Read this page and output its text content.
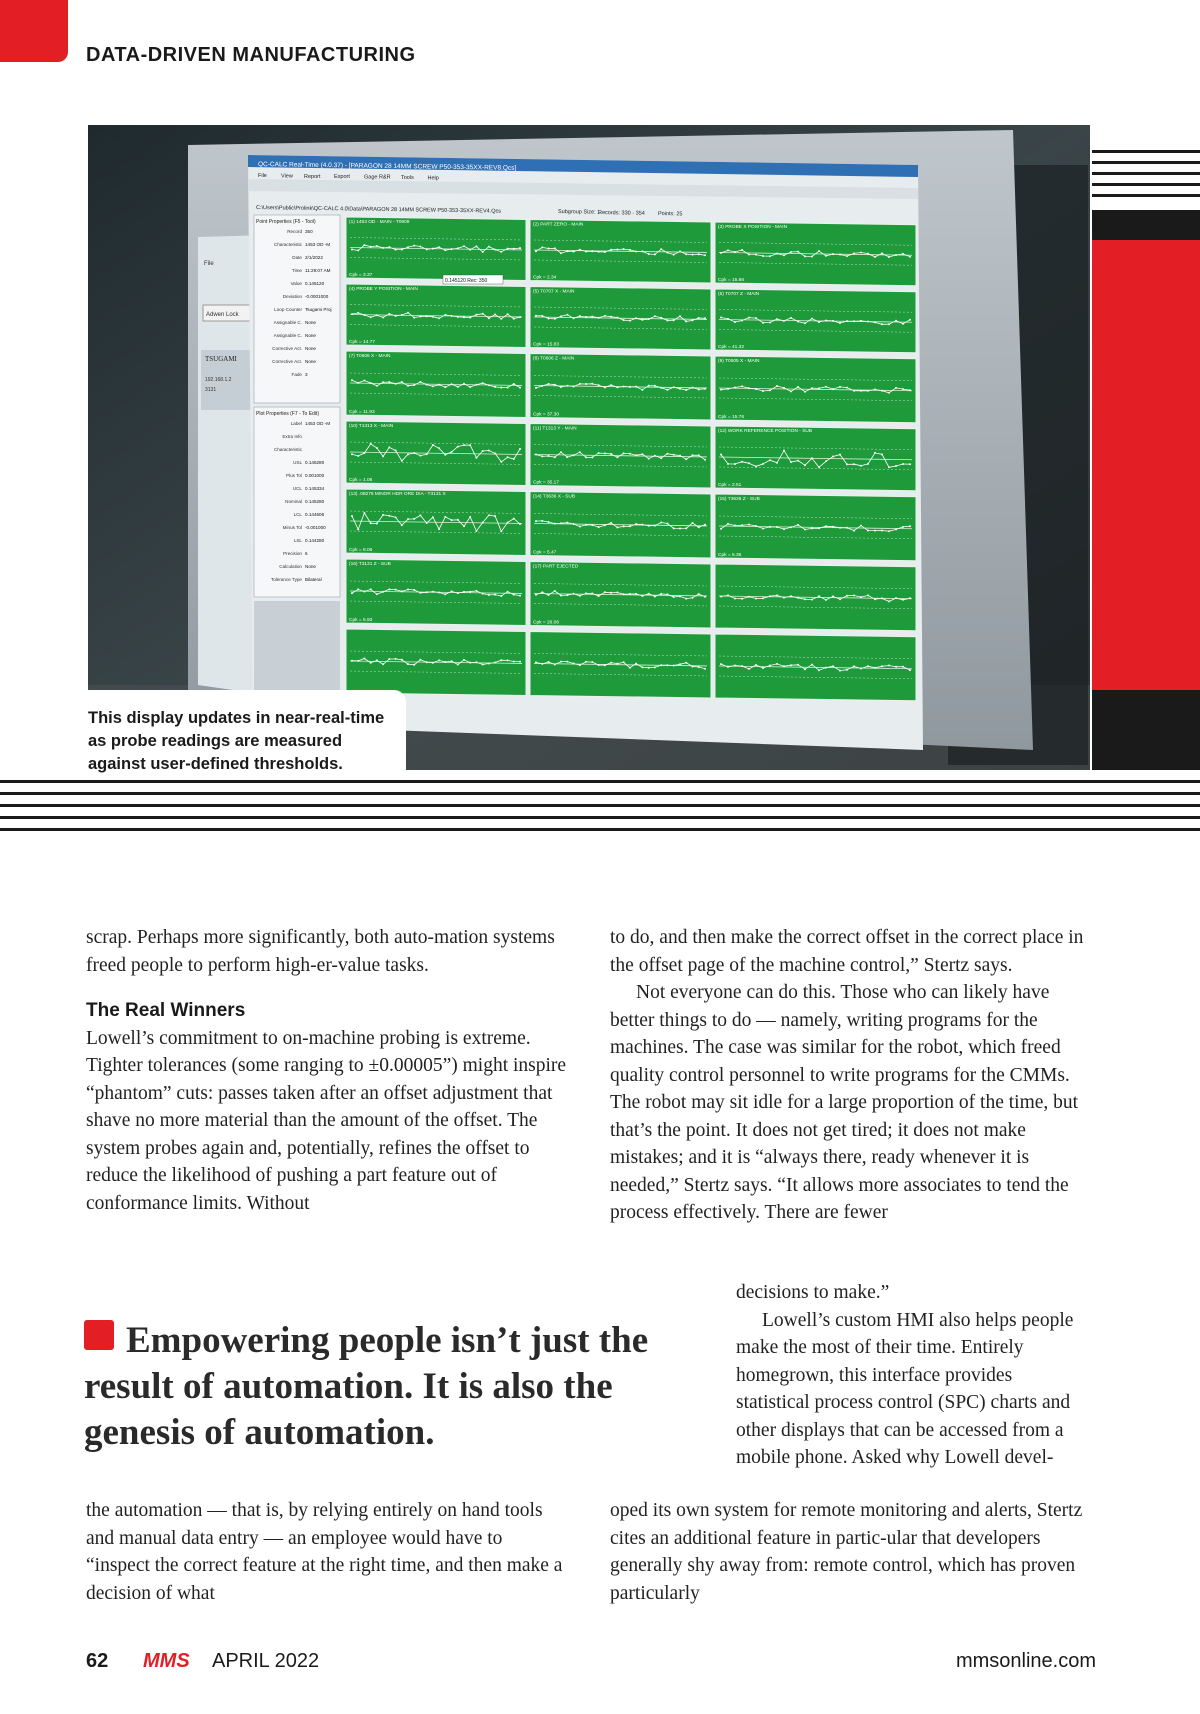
DATA-DRIVEN MANUFACTURING
File
Adwen Lock
TSUGAMI
192.168.1.2
3131
QC-CALC Real-Time (4.0.37) - [PARAGON 28 14MM SCREW P50-353-35XX-REV8.Qcs]
File	View Report Export	Gage R&R Tools Help
C:\Users\Public\Prolink\QC-CALC 4.0\Data\PARAGON 28 14MM SCREW P50-353-35XX-REV4.Qcs	Subgroup Size: 1
Records: 330 - 354 Points: 25
Point Properties (F5 - Tool)
Record 350
Characteristic 1453 OD -M
Date 2/1/2022
Time 11:29:07 AM
Value 0.145120
Deviation -0.0001000
Loop Counter Tsugami Proj
Assignable C. None
Assignable C. None
Corrective Act. None
Corrective Act. None
Fade 3
Plot Properties (F7 - To Edit)
Label 1453 OD -M
Extra Info
Characteristic
USL 0.146280
Plus Tol 0.001000
UCL 0.145334
Nominal 0.145280
LCL 0.144606
Minus Tol -0.001000
LSL 0.144280
Precision 6
Calculation None
Tolerance Type Bilateral
(1) 1453 OD - MAIN - T0909
Cpk = 3.37
(2) PART ZERO - MAIN
Cpk = 2.34
(3) PROBE X POSITION - MAIN
Cpk = 15.86
(4) PROBE Y POSITION - MAIN
Cpk = 14.77
(5) T0707 X - MAIN
Cpk = 15.83
(6) T0707 Z - MAIN
Cpk = 41.32
(7) T0606 X - MAIN
Cpk = 11.93
(8) T0606 Z - MAIN
Cpk = 37.30
(9) T0505 X - MAIN
Cpk = 15.76
(10) T1313 X - MAIN
Cpk = 1.06
(11) T1313 Y - MAIN
Cpk = 35.17
(12) WORK REFERENCE POSITION - SUB
Cpk = 2.51
(13) .08275 MINOR HDR ORE DIA - T3131 X
Cpk = 8.06
(14) T3636 X - SUB
Cpk = 5.47
(15) T3636 Z - SUB
Cpk = 5.36
(16) T3131 Z - SUB
Cpk = 5.93
(17) PART EJECTED
Cpk = 26.06
0.145120 Rec: 350
This display updates in near-real-time as probe readings are measured against user-defined thresholds.

scrap. Perhaps more significantly, both auto-mation systems freed people to perform high-er-value tasks.

The Real Winners

Lowell’s commitment to on-machine probing is extreme. Tighter tolerances (some ranging to ±0.00005”) might inspire “phantom” cuts: passes taken after an offset adjustment that shave no more material than the amount of the offset. The system probes again and, potentially, refines the offset to reduce the likelihood of pushing a part feature out of conformance limits. Without

Empowering people isn’t just the result of automation. It is also the genesis of automation.

the automation — that is, by relying entirely on hand tools and manual data entry — an employee would have to “inspect the correct feature at the right time, and then make a decision of what

to do, and then make the correct offset in the correct place in the offset page of the machine control,” Stertz says.

Not everyone can do this. Those who can likely have better things to do — namely, writing programs for the machines. The case was similar for the robot, which freed quality control personnel to write programs for the CMMs. The robot may sit idle for a large proportion of the time, but that’s the point. It does not get tired; it does not make mistakes; and it is “always there, ready whenever it is needed,” Stertz says. “It allows more associates to tend the process effectively. There are fewer

decisions to make.”

Lowell’s custom HMI also helps people make the most of their time. Entirely homegrown, this interface provides statistical process control (SPC) charts and other displays that can be accessed from a mobile phone. Asked why Lowell devel-

oped its own system for remote monitoring and alerts, Stertz cites an additional feature in partic-ular that developers generally shy away from: remote control, which has proven particularly

62 MMS APRIL 2022	mmsonline.com
